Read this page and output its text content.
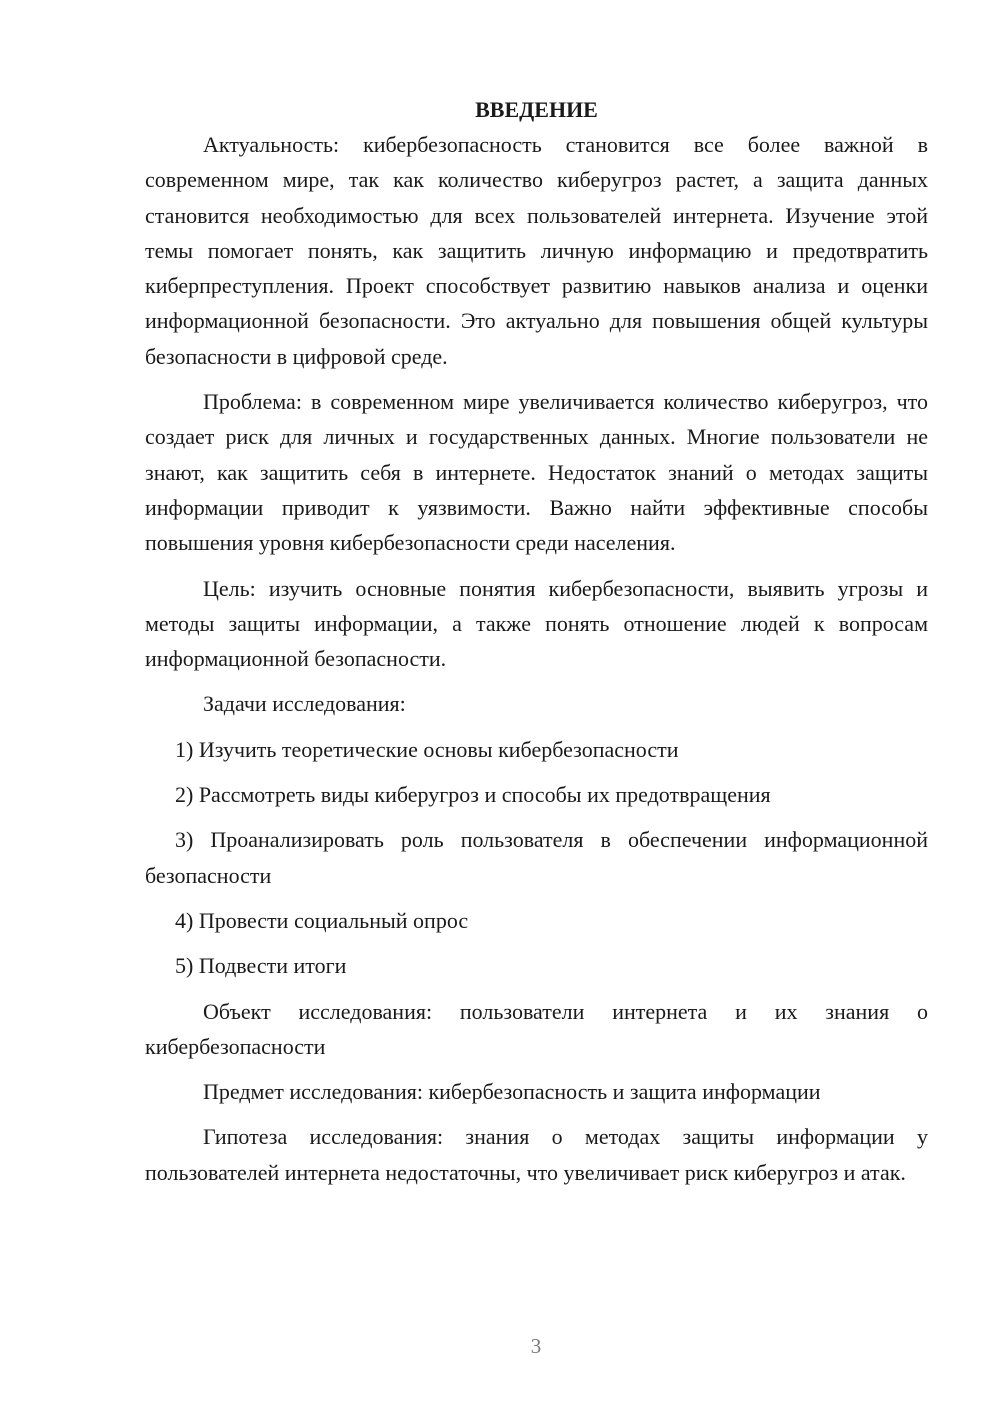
ВВЕДЕНИЕ

Актуальность: кибербезопасность становится все более важной в современном мире, так как количество киберугроз растет, а защита данных становится необходимостью для всех пользователей интернета. Изучение этой темы помогает понять, как защитить личную информацию и предотвратить киберпреступления. Проект способствует развитию навыков анализа и оценки информационной безопасности. Это актуально для повышения общей культуры безопасности в цифровой среде.

Проблема: в современном мире увеличивается количество киберугроз, что создает риск для личных и государственных данных. Многие пользователи не знают, как защитить себя в интернете. Недостаток знаний о методах защиты информации приводит к уязвимости. Важно найти эффективные способы повышения уровня кибербезопасности среди населения.

Цель: изучить основные понятия кибербезопасности, выявить угрозы и методы защиты информации, а также понять отношение людей к вопросам информационной безопасности.

Задачи исследования:

1) Изучить теоретические основы кибербезопасности

2) Рассмотреть виды киберугроз и способы их предотвращения

3) Проанализировать роль пользователя в обеспечении информационной безопасности

4) Провести социальный опрос

5) Подвести итоги

Объект исследования: пользователи интернета и их знания о кибербезопасности

Предмет исследования: кибербезопасность и защита информации

Гипотеза исследования: знания о методах защиты информации у пользователей интернета недостаточны, что увеличивает риск киберугроз и атак.

3
